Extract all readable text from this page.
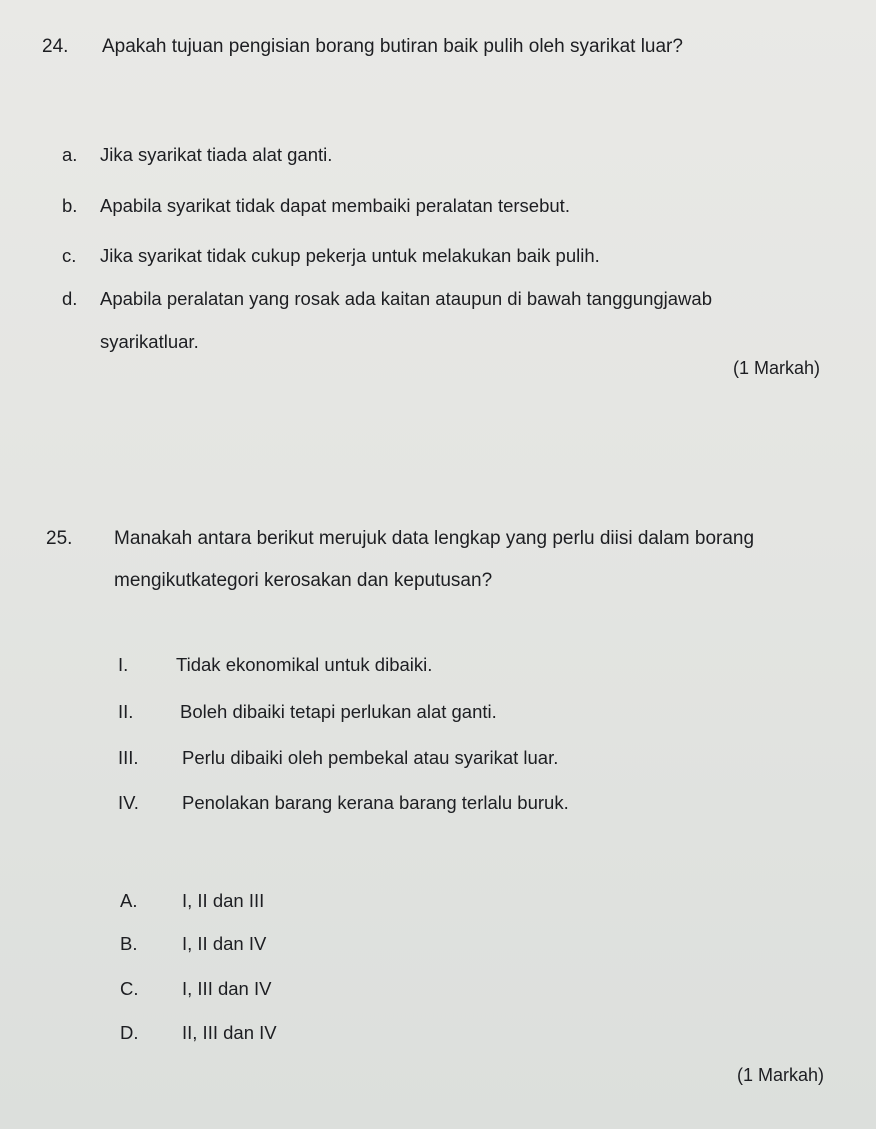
24. Apakah tujuan pengisian borang butiran baik pulih oleh syarikat luar?
a. Jika syarikat tiada alat ganti.
b. Apabila syarikat tidak dapat membaiki peralatan tersebut.
c. Jika syarikat tidak cukup pekerja untuk melakukan baik pulih.
d. Apabila peralatan yang rosak ada kaitan ataupun di bawah tanggungjawab
syarikatluar.
(1 Markah)
25. Manakah antara berikut merujuk data lengkap yang perlu diisi dalam borang
mengikutkategori kerosakan dan keputusan?
I.	Tidak ekonomikal untuk dibaiki.
II.	Boleh dibaiki tetapi perlukan alat ganti.
III. Perlu dibaiki oleh pembekal atau syarikat luar.
IV. Penolakan barang kerana barang terlalu buruk.
A. I, II dan III
B. I, II dan IV
C. I, III dan IV
D. II, III dan IV
(1 Markah)
